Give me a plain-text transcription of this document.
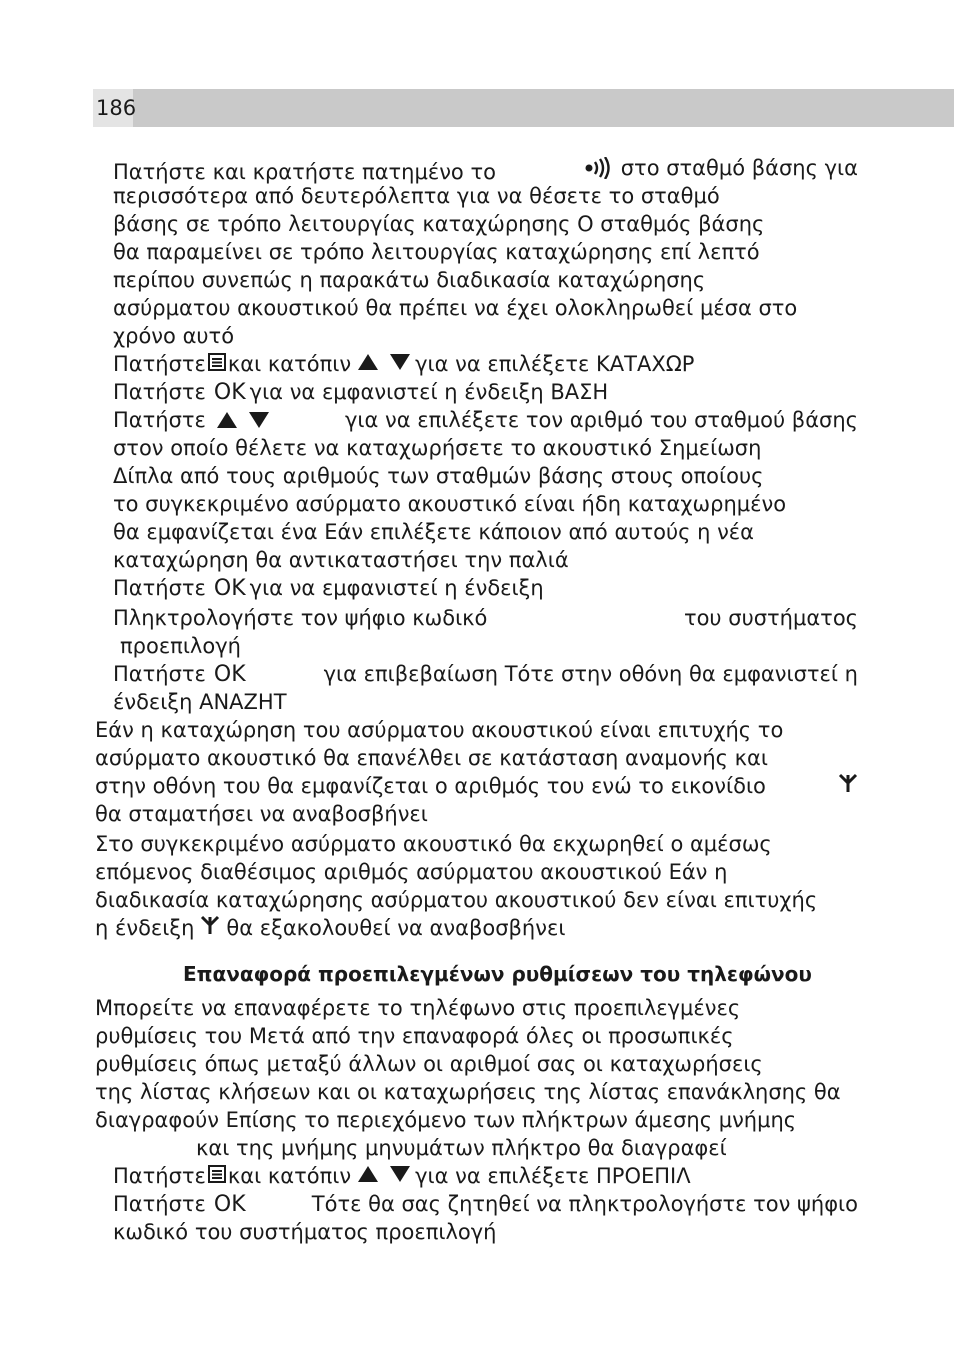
186
Πατήστε και κρατήστε πατημένο το	στο σταθμό βάσης για
περισσότερα από δευτερόλεπτα για να θέσετε το σταθμό
βάσης σε τρόπο λειτουργίας καταχώρησης Ο σταθμός βάσης
θα παραμείνει σε τρόπο λειτουργίας καταχώρησης επί λεπτό
περίπου συνεπώς η παρακάτω διαδικασία καταχώρησης
ασύρματου ακουστικού θα πρέπει να έχει ολοκληρωθεί μέσα στο
χρόνο αυτό
Πατήστε και κατόπιν	για να επιλέξετε ΚΑΤΑΧΩΡ
Πατήστε OK για να εμφανιστεί η ένδειξη ΒΑΣΗ
Πατήστε	για να επιλέξετε τον αριθμό του σταθμού βάσης
στον οποίο θέλετε να καταχωρήσετε το ακουστικό Σημείωση
Δίπλα από τους αριθμούς των σταθμών βάσης στους οποίους
το συγκεκριμένο ασύρματο ακουστικό είναι ήδη καταχωρημένο
θα εμφανίζεται ένα Εάν επιλέξετε κάποιον από αυτούς η νέα
καταχώρηση θα αντικαταστήσει την παλιά
Πατήστε OK για να εμφανιστεί η ένδειξη
Πληκτρολογήστε τον ψήφιο κωδικό	του συστήματος
προεπιλογή
Πατήστε OK	για επιβεβαίωση Τότε στην οθόνη θα εμφανιστεί η
ένδειξη ΑΝΑΖΗΤ
Εάν η καταχώρηση του ασύρματου ακουστικού είναι επιτυχής το
ασύρματο ακουστικό θα επανέλθει σε κατάσταση αναμονής και
στην οθόνη του θα εμφανίζεται ο αριθμός του ενώ το εικονίδιο
θα σταματήσει να αναβοσβήνει
Στο συγκεκριμένο ασύρματο ακουστικό θα εκχωρηθεί ο αμέσως
επόμενος διαθέσιμος αριθμός ασύρματου ακουστικού Εάν η
διαδικασία καταχώρησης ασύρματου ακουστικού δεν είναι επιτυχής
η ένδειξη θα εξακολουθεί να αναβοσβήνει
Επαναφορά προεπιλεγμένων ρυθμίσεων του τηλεφώνου
Μπορείτε να επαναφέρετε το τηλέφωνο στις προεπιλεγμένες
ρυθμίσεις του Μετά από την επαναφορά όλες οι προσωπικές
ρυθμίσεις όπως μεταξύ άλλων οι αριθμοί σας οι καταχωρήσεις
της λίστας κλήσεων και οι καταχωρήσεις της λίστας επανάκλησης θα
διαγραφούν Επίσης το περιεχόμενο των πλήκτρων άμεσης μνήμης
και της μνήμης μηνυμάτων πλήκτρο θα διαγραφεί
Πατήστε και κατόπιν	για να επιλέξετε ΠΡΟΕΠΙΛ
Πατήστε OK	Τότε θα σας ζητηθεί να πληκτρολογήστε τον ψήφιο
κωδικό του συστήματος προεπιλογή
